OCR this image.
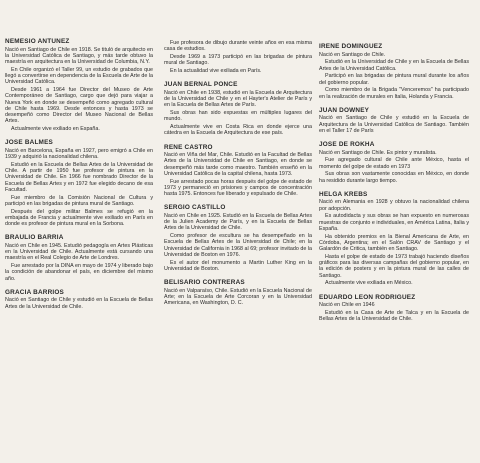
NEMESIO ANTUNEZ

Nació en Santiago de Chile en 1918. Se tituló de arquitecto en la Universidad Católica de Santiago, y más tarde obtuvo la maestría en arquitectura en la Universidad de Columbia, N.Y.

En Chile organizó el Taller 99, un estudio de grabados que llegó a convertirse en dependencia de la Escuela de Arte de la Universidad Católica.

Desde 1961 a 1964 fue Director del Museo de Arte Contemporáneo de Santiago, cargo que dejó para viajar a Nueva York en donde se desempeñó como agregado cultural de Chile hasta 1969. Desde entonces y hasta 1973 se desempeñó como Director del Museo Nacional de Bellas Artes.

Actualmente vive exiliado en España.

JOSE BALMES

Nació en Barcelona, España en 1927, pero emigró a Chile en 1939 y adquirió la nacionalidad chilena.

Estudió en la Escuela de Bellas Artes de la Universidad de Chile. A partir de 1950 fue profesor de pintura en la Universidad de Chile. En 1966 fue nombrado Director de la Escuela de Bellas Artes y en 1972 fue elegido decano de esa Facultad.

Fue miembro de la Comisión Nacional de Cultura y participó en las brigadas de pintura mural de Santiago.

Después del golpe militar Balmes se refugió en la embajada de Francia y actualmente vive exiliado en París en donde es profesor de pintura mural en la Sorbona.

BRAULIO BARRIA

Nació en Chile en 1945. Estudió pedagogía en Artes Plásticas en la Universidad de Chile. Actualmente está cursando una maestría en el Real Colegio de Arte de Londres.

Fue arrestado por la DINA en mayo de 1974 y liberado bajo la condición de abandonar el país, en diciembre del mismo año.

GRACIA BARRIOS

Nació en Santiago de Chile y estudió en la Escuela de Bellas Artes de la Universidad de Chile.

Fue profesora de dibujo durante veinte años en esa misma casa de estudios.

Desde 1969 a 1973 participó en las brigadas de pintura mural de Santiago.

En la actualidad vive exiliada en París.

JUAN BERNAL PONCE

Nació en Chile en 1938, estudió en la Escuela de Arquitectura de la Universidad de Chile y en el Hayter's Atelier de París y en la Escuela de Bellas Artes de París.

Sus obras han sido expuestas en múltiples lugares del mundo.

Actualmente vive en Costa Rica en donde ejerce una cátedra en la Escuela de Arquitectura de ese país.

RENE CASTRO

Nació en Viña del Mar, Chile. Estudió en la Facultad de Bellas Artes de la Universidad de Chile en Santiago, en donde se desempeñó más tarde como maestro. También enseñó en la Universidad Católica de la capital chilena, hasta 1973.

Fue arrestado pocas horas después del golpe de estado de 1973 y permaneció en prisiones y campos de concentración hasta 1975. Entonces fue liberado y expulsado de Chile.

SERGIO CASTILLO

Nació en Chile en 1925. Estudió en la Escuela de Bellas Artes de la Julien Academy de París, y en la Escuela de Bellas Artes de la Universidad de Chile.

Como profesor de escultura se ha desempeñado en la Escuela de Bellas Artes de la Universidad de Chile; en la Universidad de California in 1968 al 69; profesor invitado de la Universidad de Boston en 1976.

Es el autor del monumento a Martin Luther King en la Universidad de Boston.

BELISARIO CONTRERAS

Nació en Valparaíso, Chile. Estudió en la Escuela Nacional de Arte; en la Escuela de Arte Corcoran y en la Universidad Americana, en Washington, D. C.

IRENE DOMINGUEZ

Nació en Santiago de Chile.

Estudió en la Universidad de Chile y en la Escuela de Bellas Artes de la Universidad Católica.

Participó en las brigadas de pintura mural durante los años del gobierno popular.

Como miembro de la Brigada "Venceremos" ha participado en la realización de murales en Italia, Holanda y Francia.

JUAN DOWNEY

Nació en Santiago de Chile y estudió en la Escuela de Arquitectura de la Universidad Católica de Santiago. También en el Taller 17 de París

JOSE DE ROKHA

Nació en Santiago de Chile. Es pintor y muralista.

Fue agregado cultural de Chile ante México, hasta el momento del golpe de estado en 1973

Sus obras son vastamente conocidas en México, en donde ha residido durante largo tiempo.

HELGA KREBS

Nació en Alemania en 1928 y obtuvo la nacionalidad chilena por adopción.

Es autodidacta y sus obras se han expuesto en numerosas muestras de conjunto e individuales, en América Latina, Italia y España.

Ha obtenido premios en la Bienal Americana de Arte, en Córdoba, Argentina; en el Salón CRAV de Santiago y el Galardón de Critica, también en Santiago.

Hasta el golpe de estado de 1973 trabajó haciendo diseños gráficos para las diversas campañas del gobierno popular, en la edición de posters y en la pintura mural de las calles de Santiago.

Actualmente vive exiliada en México.

EDUARDO LEON RODRIGUEZ

Nació en Chile en 1946

Estudió en la Casa de Arte de Talca y en la Escuela de Bellas Artes de la Universidad de Chile.
